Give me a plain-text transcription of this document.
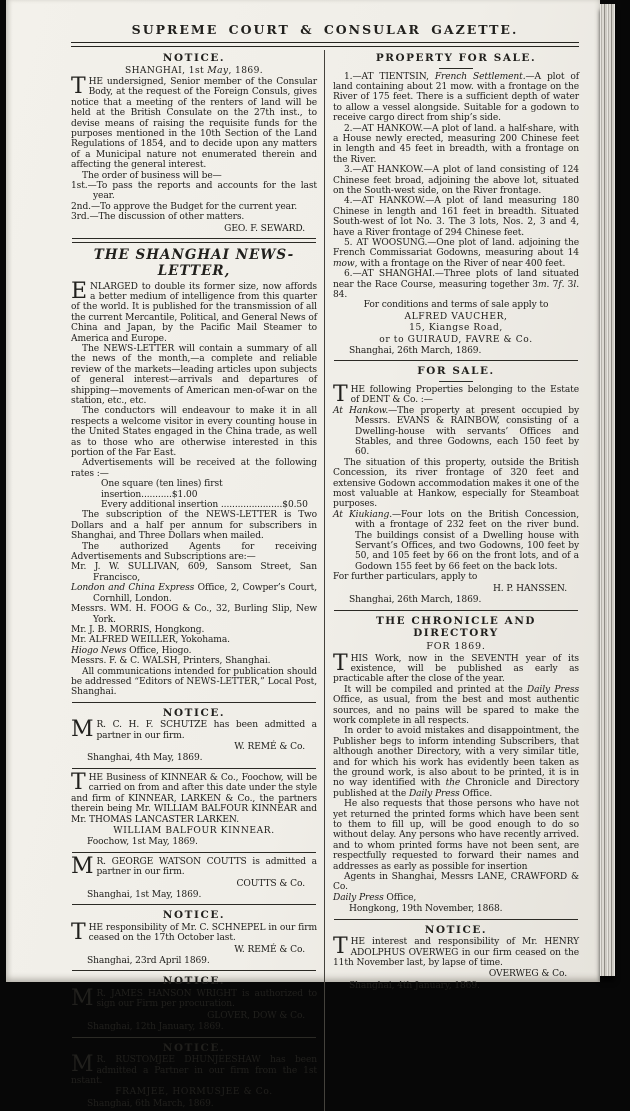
SUPREME COURT & CONSULAR GAZETTE.
NOTICE.
SHANGHAI, 1st May, 1869.
THE undersigned, Senior member of the Consular Body, at the request of the Foreign Consuls, gives notice that a meeting of the renters of land will be held at the British Consulate on the 27th inst., to devise means of raising the requisite funds for the purposes mentioned in the 10th Section of the Land Regulations of 1854, and to decide upon any matters of a Municipal nature not enumerated therein and affecting the general interest.
The order of business will be—
1st.—To pass the reports and accounts for the last year.
2nd.—To approve the Budget for the current year.
3rd.—The discussion of other matters.
GEO. F. SEWARD.
THE SHANGHAI NEWS-LETTER,
ENLARGED to double its former size, now affords a better medium of intelligence from this quarter of the world. It is published for the transmission of all the current Mercantile, Political, and General News of China and Japan, by the Pacific Mail Steamer to America and Europe.
The NEWS-LETTER will contain a summary of all the news of the month,—a complete and reliable review of the markets—leading articles upon subjects of general interest—arrivals and departures of shipping—movements of American men-of-war on the station, etc., etc.
The conductors will endeavour to make it in all respects a welcome visitor in every counting house in the United States engaged in the China trade, as well as to those who are otherwise interested in this portion of the Far East.
Advertisements will be received at the following rates :—
One square (ten lines) first insertion...........$1.00
Every additional insertion ......................$0.50
The subscription of the NEWS-LETTER is Two Dollars and a half per annum for subscribers in Shanghai, and Three Dollars when mailed.
The authorized Agents for receiving Advertisements and Subscriptions are:—
Mr. J. W. SULLIVAN, 609, Sansom Street, San Francisco,
London and China Express Office, 2, Cowper’s Court, Cornhill, London.
Messrs. WM. H. FOOG & Co., 32, Burling Slip, New York.
Mr. J. B. MORRIS, Hongkong.
Mr. ALFRED WEILLER, Yokohama.
Hiogo News Office, Hiogo.
Messrs. F. & C. WALSH, Printers, Shanghai.
All communications intended for publication should be addressed “Editors of NEWS-LETTER,” Local Post, Shanghai.
NOTICE.
M R. C. H. F. SCHUTZE has been admitted a partner in our firm.
W. REMÉ & Co.
Shanghai, 4th May, 1869.
THE Business of KINNEAR & Co., Foochow, will be carried on from and after this date under the style and firm of KINNEAR, LARKEN & Co., the partners therein being Mr. WILLIAM BALFOUR KINNEAR and Mr. THOMAS LANCASTER LARKEN.
WILLIAM BALFOUR KINNEAR.
Foochow, 1st May, 1869.
M R. GEORGE WATSON COUTTS is admitted a partner in our firm.
COUTTS & Co.
Shanghai, 1st May, 1869.
NOTICE.
THE responsibility of Mr. C. SCHNEPEL in our firm ceased on the 17th October last.
W. REMÉ & Co.
Shanghai, 23rd April 1869.
NOTICE.
M R. JAMES HANSON WRIGHT is authorized to sign our Firm per procuration.
GLOVER, DOW & Co.
Shanghai, 12th January, 1869.
NOTICE.
M R. RUSTOMJEE DHUNJEESHAW has been admitted a Partner in our firm from the 1st nstant.
FRAMJEE, HORMUSJEE & Co.
Shanghai, 6th March, 1869.
PROPERTY FOR SALE.
1.—AT TIENTSIN, French Settlement.—A plot of land containing about 21 mow. with a frontage on the River of 175 feet. There is a sufficient depth of water to allow a vessel alongside. Suitable for a godown to receive cargo direct from ship’s side.
2.—AT HANKOW.—A plot of land. a half-share, with a House newly erected, measuring 200 Chinese feet in length and 45 feet in breadth, with a frontage on the River.
3.—AT HANKOW.—A plot of land consisting of 124 Chinese feet broad, adjoining the above lot, situated on the South-west side, on the River frontage.
4.—AT HANKOW.—A plot of land measuring 180 Chinese in length and 161 feet in breadth. Situated South-west of lot No. 3. The 3 lots, Nos. 2, 3 and 4, have a River frontage of 294 Chinese feet.
5. AT WOOSUNG.—One plot of land. adjoining the French Commissariat Godowns, measuring about 14 mow, with a frontage on the River of near 400 feet.
6.—AT SHANGHAI.—Three plots of land situated near the Race Course, measuring together 3m. 7f. 3l. 84.
For conditions and terms of sale apply to
ALFRED VAUCHER,
15, Kiangse Road,
or to GUIRAUD, FAVRE & Co.
Shanghai, 26th March, 1869.
FOR SALE.
THE following Properties belonging to the Estate of DENT & Co. :—
At Hankow.—The property at present occupied by Messrs. EVANS & RAINBOW, consisting of a Dwelling-house with servants’ Offices and Stables, and three Godowns, each 150 feet by 60.
The situation of this property, outside the British Concession, its river frontage of 320 feet and extensive Godown accommodation makes it one of the most valuable at Hankow, especially for Steamboat purposes.
At Kiukiang.—Four lots on the British Concession, with a frontage of 232 feet on the river bund. The buildings consist of a Dwelling house with Servant’s Offices, and two Godowns, 100 feet by 50, and 105 feet by 66 on the front lots, and of a Godown 155 feet by 66 feet on the back lots.
For further particulars, apply to
H. P. HANSSEN.
Shanghai, 26th March, 1869.
THE CHRONICLE AND DIRECTORY
FOR 1869.
THIS Work, now in the SEVENTH year of its existence, will be published as early as practicable after the close of the year.
It will be compiled and printed at the Daily Press Office, as usual, from the best and most authentic sources, and no pains will be spared to make the work complete in all respects.
In order to avoid mistakes and disappointment, the Publisher begs to inform intending Subscribers, that although another Directory, with a very similar title, and for which his work has evidently been taken as the ground work, is also about to be printed, it is in no way identified with the Chronicle and Directory published at the Daily Press Office.
He also requests that those persons who have not yet returned the printed forms which have been sent to them to fill up, will be good enough to do so without delay. Any persons who have recently arrived. and to whom printed forms have not been sent, are respectfully requested to forward their names and addresses as early as possible for insertion
Agents in Shanghai, Messrs LANE, CRAWFORD & Co.
Daily Press Office,
Hongkong, 19th November, 1868.
NOTICE.
THE interest and responsibility of Mr. HENRY ADOLPHUS OVERWEG in our firm ceased on the 11th November last, by lapse of time.
OVERWEG & Co.
Shanghai, 4th January, 1869.
